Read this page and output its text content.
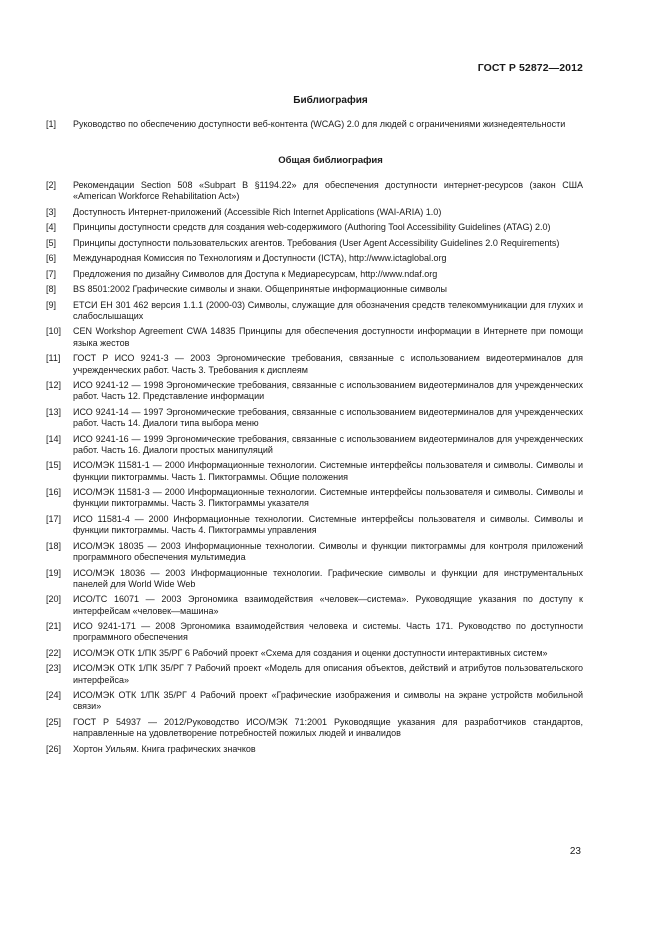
ГОСТ Р 52872—2012
Библиография
[1] Руководство по обеспечению доступности веб-контента (WCAG) 2.0 для людей с ограничениями жизнедеятельности
Общая библиография
[2] Рекомендации Section 508 «Subpart B §1194.22» для обеспечения доступности интернет-ресурсов (закон США «American Workforce Rehabilitation Act»)
[3] Доступность Интернет-приложений (Accessible Rich Internet Applications (WAI-ARIA) 1.0)
[4] Принципы доступности средств для создания web-содержимого (Authoring Tool Accessibility Guidelines (ATAG) 2.0)
[5] Принципы доступности пользовательских агентов. Требования (User Agent Accessibility Guidelines 2.0 Requirements)
[6] Международная Комиссия по Технологиям и Доступности (ICTA), http://www.ictaglobal.org
[7] Предложения по дизайну Символов для Доступа к Медиаресурсам, http://www.ndaf.org
[8] BS 8501:2002 Графические символы и знаки. Общепринятые информационные символы
[9] ЕТСИ ЕН 301 462 версия 1.1.1 (2000-03) Символы, служащие для обозначения средств телекоммуникации для глухих и слабослышащих
[10] CEN Workshop Agreement CWA 14835 Принципы для обеспечения доступности информации в Интернете при помощи языка жестов
[11] ГОСТ Р ИСО 9241-3 — 2003 Эргономические требования, связанные с использованием видеотерминалов для учрежденческих работ. Часть 3. Требования к дисплеям
[12] ИСО 9241-12 — 1998 Эргономические требования, связанные с использованием видеотерминалов для учрежденческих работ. Часть 12. Представление информации
[13] ИСО 9241-14 — 1997 Эргономические требования, связанные с использованием видеотерминалов для учрежденческих работ. Часть 14. Диалоги типа выбора меню
[14] ИСО 9241-16 — 1999 Эргономические требования, связанные с использованием видеотерминалов для учрежденческих работ. Часть 16. Диалоги простых манипуляций
[15] ИСО/МЭК 11581-1 — 2000 Информационные технологии. Системные интерфейсы пользователя и символы. Символы и функции пиктограммы. Часть 1. Пиктограммы. Общие положения
[16] ИСО/МЭК 11581-3 — 2000 Информационные технологии. Системные интерфейсы пользователя и символы. Символы и функции пиктограммы. Часть 3. Пиктограммы указателя
[17] ИСО 11581-4 — 2000 Информационные технологии. Системные интерфейсы пользователя и символы. Символы и функции пиктограммы. Часть 4. Пиктограммы управления
[18] ИСО/МЭК 18035 — 2003 Информационные технологии. Символы и функции пиктограммы для контроля приложений программного обеспечения мультимедиа
[19] ИСО/МЭК 18036 — 2003 Информационные технологии. Графические символы и функции для инструментальных панелей для World Wide Web
[20] ИСО/ТС 16071 — 2003 Эргономика взаимодействия «человек—система». Руководящие указания по доступу к интерфейсам «человек—машина»
[21] ИСО 9241-171 — 2008 Эргономика взаимодействия человека и системы. Часть 171. Руководство по доступности программного обеспечения
[22] ИСО/МЭК ОТК 1/ПК 35/РГ 6 Рабочий проект «Схема для создания и оценки доступности интерактивных систем»
[23] ИСО/МЭК ОТК 1/ПК 35/РГ 7 Рабочий проект «Модель для описания объектов, действий и атрибутов пользовательского интерфейса»
[24] ИСО/МЭК ОТК 1/ПК 35/РГ 4 Рабочий проект «Графические изображения и символы на экране устройств мобильной связи»
[25] ГОСТ Р 54937 — 2012/Руководство ИСО/МЭК 71:2001 Руководящие указания для разработчиков стандартов, направленные на удовлетворение потребностей пожилых людей и инвалидов
[26] Хортон Уильям. Книга графических значков
23
